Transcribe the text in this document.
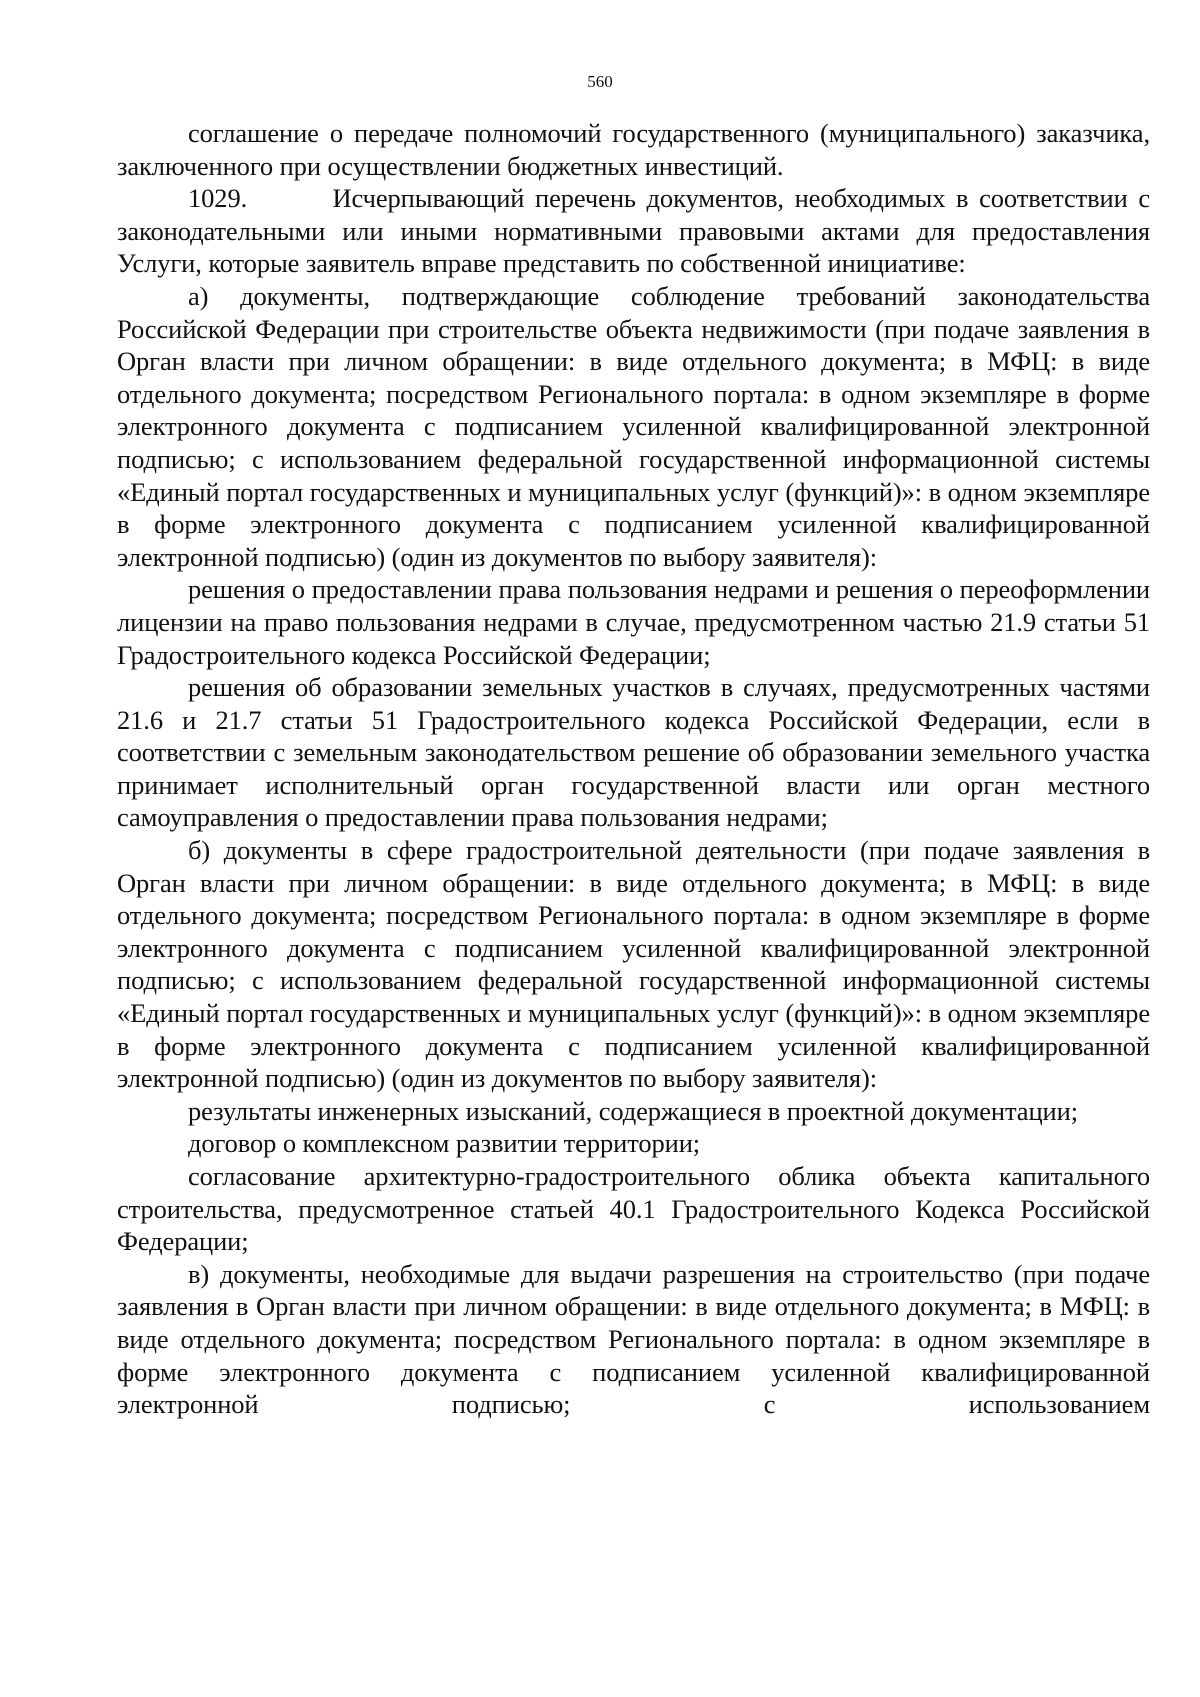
560

соглашение о передаче полномочий государственного (муниципального) заказчика, заключенного при осуществлении бюджетных инвестиций.

1029.        Исчерпывающий перечень документов, необходимых в соответствии с законодательными или иными нормативными правовыми актами для предоставления Услуги, которые заявитель вправе представить по собственной инициативе:

а) документы, подтверждающие соблюдение требований законодательства Российской Федерации при строительстве объекта недвижимости (при подаче заявления в Орган власти при личном обращении: в виде отдельного документа; в МФЦ: в виде отдельного документа; посредством Регионального портала: в одном экземпляре в форме электронного документа с подписанием усиленной квалифицированной электронной подписью; с использованием федеральной государственной информационной системы «Единый портал государственных и муниципальных услуг (функций)»: в одном экземпляре в форме электронного документа с подписанием усиленной квалифицированной электронной подписью) (один из документов по выбору заявителя):

решения о предоставлении права пользования недрами и решения о переоформлении лицензии на право пользования недрами в случае, предусмотренном частью 21.9 статьи 51 Градостроительного кодекса Российской Федерации;

решения об образовании земельных участков в случаях, предусмотренных частями 21.6 и 21.7 статьи 51 Градостроительного кодекса Российской Федерации, если в соответствии с земельным законодательством решение об образовании земельного участка принимает исполнительный орган государственной власти или орган местного самоуправления о предоставлении права пользования недрами;

б) документы в сфере градостроительной деятельности (при подаче заявления в Орган власти при личном обращении: в виде отдельного документа; в МФЦ: в виде отдельного документа; посредством Регионального портала: в одном экземпляре в форме электронного документа с подписанием усиленной квалифицированной электронной подписью; с использованием федеральной государственной информационной системы «Единый портал государственных и муниципальных услуг (функций)»: в одном экземпляре в форме электронного документа с подписанием усиленной квалифицированной электронной подписью) (один из документов по выбору заявителя):

результаты инженерных изысканий, содержащиеся в проектной документации;

договор о комплексном развитии территории;

согласование архитектурно-градостроительного облика объекта капитального строительства, предусмотренное статьей 40.1 Градостроительного Кодекса Российской Федерации;

в) документы, необходимые для выдачи разрешения на строительство (при подаче заявления в Орган власти при личном обращении: в виде отдельного документа; в МФЦ: в виде отдельного документа; посредством Регионального портала: в одном экземпляре в форме электронного документа с подписанием усиленной квалифицированной электронной подписью; с использованием
